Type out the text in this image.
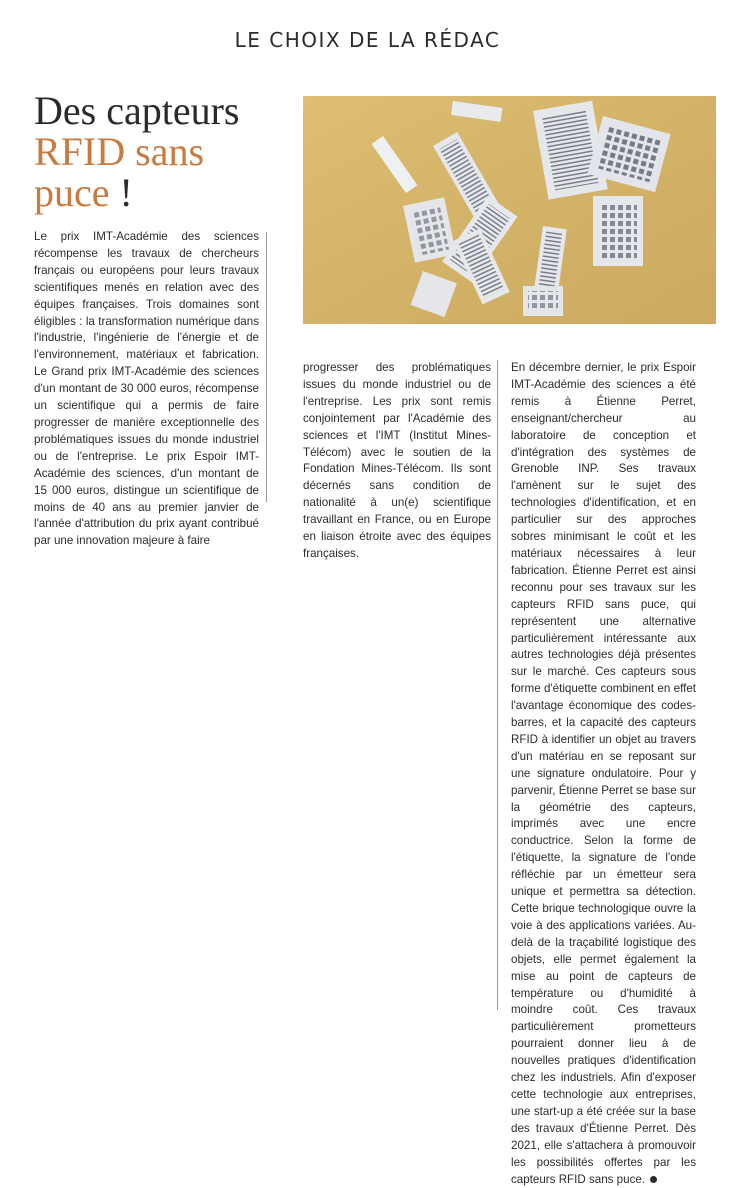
LE CHOIX DE LA RÉDAC
Des capteurs
RFID sans
puce !

Le prix IMT-Académie des sciences récompense les travaux de chercheurs français ou européens pour leurs travaux scientifiques menés en relation avec des équipes françaises. Trois domaines sont éligibles : la transformation numérique dans l'industrie, l'ingénierie de l'énergie et de l'environnement, matériaux et fabrication. Le Grand prix IMT-Académie des sciences d'un montant de 30 000 euros, récompense un scientifique qui a permis de faire progresser de manière exceptionnelle des problématiques issues du monde industriel ou de l'entreprise. Le prix Espoir IMT-Académie des sciences, d'un montant de 15 000 euros, distingue un scientifique de moins de 40 ans au premier janvier de l'année d'attribution du prix ayant contribué par une innovation majeure à faire

progresser des problématiques issues du monde industriel ou de l'entreprise. Les prix sont remis conjointement par l'Académie des sciences et l'IMT (Institut Mines-Télécom) avec le soutien de la Fondation Mines-Télécom. Ils sont décernés sans condition de nationalité à un(e) scientifique travaillant en France, ou en Europe en liaison étroite avec des équipes françaises.

En décembre dernier, le prix Espoir IMT-Académie des sciences a été remis à Étienne Perret, enseignant/chercheur au laboratoire de conception et d'intégration des systèmes de Grenoble INP. Ses travaux l'amènent sur le sujet des technologies d'identification, et en particulier sur des approches sobres minimisant le coût et les matériaux nécessaires à leur fabrication. Étienne Perret est ainsi reconnu pour ses travaux sur les capteurs RFID sans puce, qui représentent une alternative particulièrement intéressante aux autres technologies déjà présentes sur le marché. Ces capteurs sous forme d'étiquette combinent en effet l'avantage économique des codes-barres, et la capacité des capteurs RFID à identifier un objet au travers d'un matériau en se reposant sur une signature ondulatoire. Pour y parvenir, Étienne Perret se base sur la géométrie des capteurs, imprimés avec une encre conductrice. Selon la forme de l'étiquette, la signature de l'onde réfléchie par un émetteur sera unique et permettra sa détection. Cette brique technologique ouvre la voie à des applications variées. Au-delà de la traçabilité logistique des objets, elle permet également la mise au point de capteurs de température ou d'humidité à moindre coût. Ces travaux particulièrement prometteurs pourraient donner lieu à de nouvelles pratiques d'identification chez les industriels. Afin d'exposer cette technologie aux entreprises, une start-up a été créée sur la base des travaux d'Étienne Perret. Dès 2021, elle s'attachera à promouvoir les possibilités offertes par les capteurs RFID sans puce.
